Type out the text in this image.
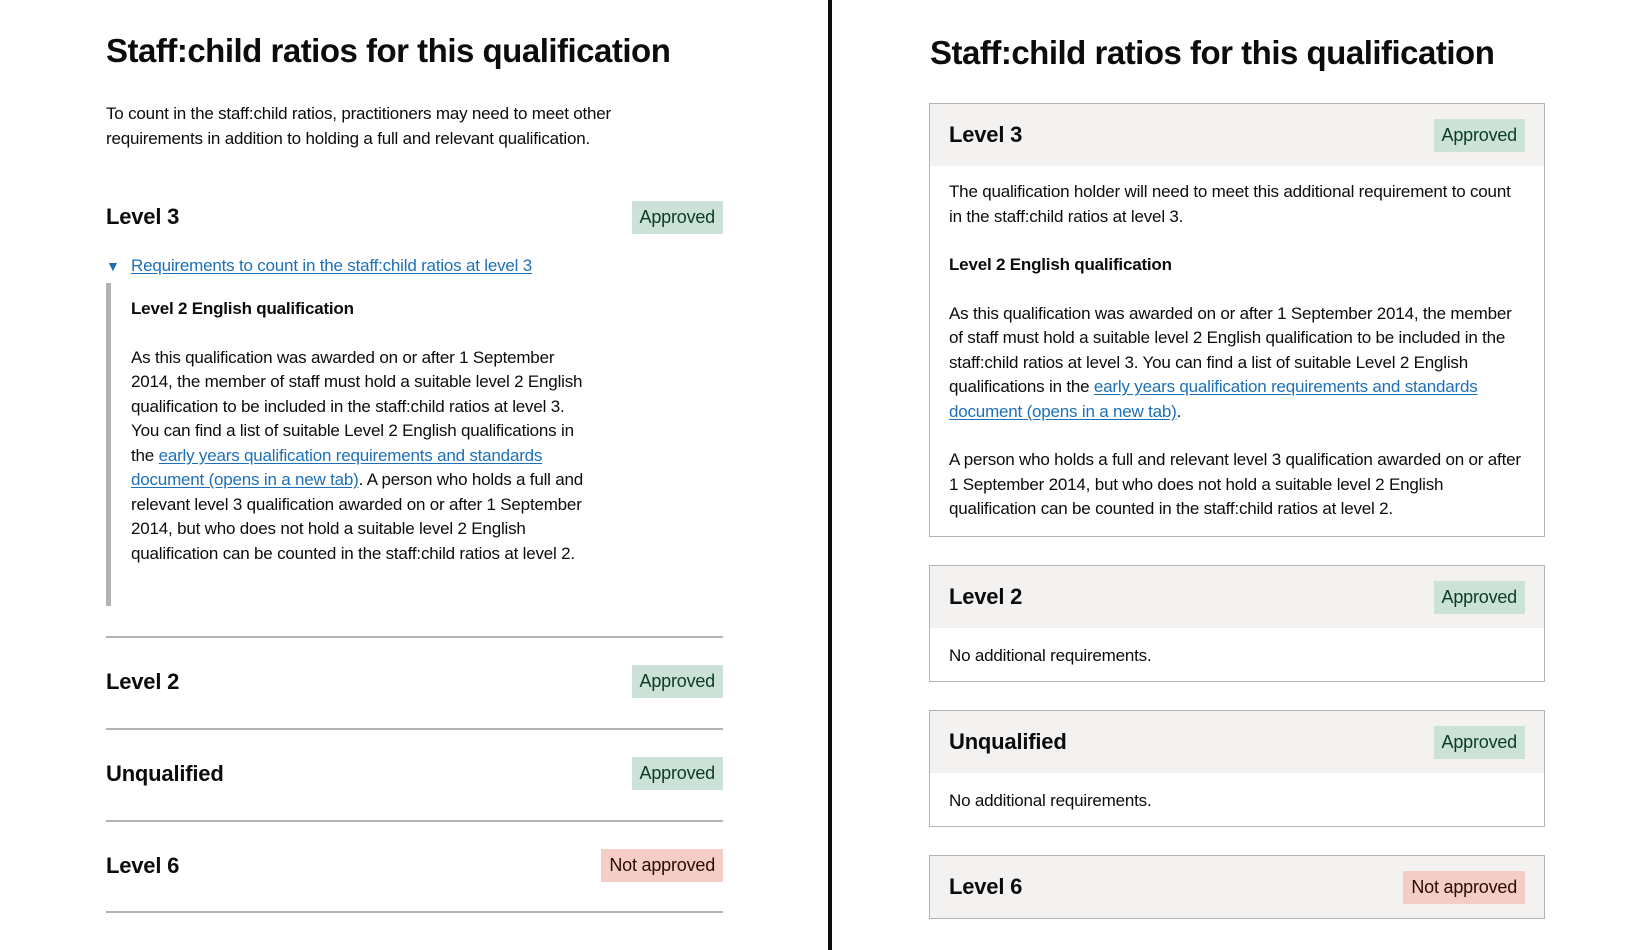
Staff:child ratios for this qualification

To count in the staff:child ratios, practitioners may need to meet other requirements in addition to holding a full and relevant qualification.

Level 3	Approved
▼ Requirements to count in the staff:child ratios at level 3

Level 2 English qualification

As this qualification was awarded on or after 1 September 2014, the member of staff must hold a suitable level 2 English qualification to be included in the staff:child ratios at level 3. You can find a list of suitable Level 2 English qualifications in the early years qualification requirements and standards document (opens in a new tab). A person who holds a full and relevant level 3 qualification awarded on or after 1 September 2014, but who does not hold a suitable level 2 English qualification can be counted in the staff:child ratios at level 2.

Level 2	Approved
Unqualified	Approved
Level 6	Not approved
Staff:child ratios for this qualification
Level 3	Approved

The qualification holder will need to meet this additional requirement to count in the staff:child ratios at level 3.

Level 2 English qualification

As this qualification was awarded on or after 1 September 2014, the member of staff must hold a suitable level 2 English qualification to be included in the staff:child ratios at level 3. You can find a list of suitable Level 2 English qualifications in the early years qualification requirements and standards document (opens in a new tab).

A person who holds a full and relevant level 3 qualification awarded on or after 1 September 2014, but who does not hold a suitable level 2 English qualification can be counted in the staff:child ratios at level 2.

Level 2	Approved

No additional requirements.

Unqualified	Approved

No additional requirements.

Level 6	Not approved
